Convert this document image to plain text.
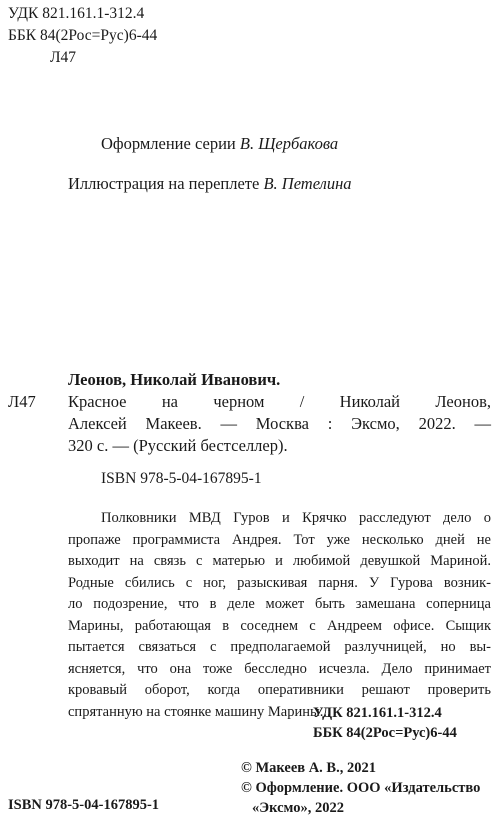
УДК 821.161.1-312.4
ББК 84(2Рос=Рус)6-44
Л47
Оформление серии В. Щербакова
Иллюстрация на переплете В. Петелина
Леонов, Николай Иванович.
Л47 Красное на черном / Николай Леонов,
Алексей Макеев. — Москва : Эксмо, 2022. —
320 с. — (Русский бестселлер).
ISBN 978-5-04-167895-1
Полковники МВД Гуров и Крячко расследуют дело о
пропаже программиста Андрея. Тот уже несколько дней не
выходит на связь с матерью и любимой девушкой Мариной.
Родные сбились с ног, разыскивая парня. У Гурова возник-
ло подозрение, что в деле может быть замешана соперница
Марины, работающая в соседнем с Андреем офисе. Сыщик
пытается связаться с предполагаемой разлучницей, но вы-
ясняется, что она тоже бесследно исчезла. Дело принимает
кровавый оборот, когда оперативники решают проверить
спрятанную на стоянке машину Марины...
УДК 821.161.1-312.4
ББК 84(2Рос=Рус)6-44
© Макеев А. В., 2021
© Оформление. ООО «Издательство
«Эксмо», 2022
ISBN 978-5-04-167895-1
